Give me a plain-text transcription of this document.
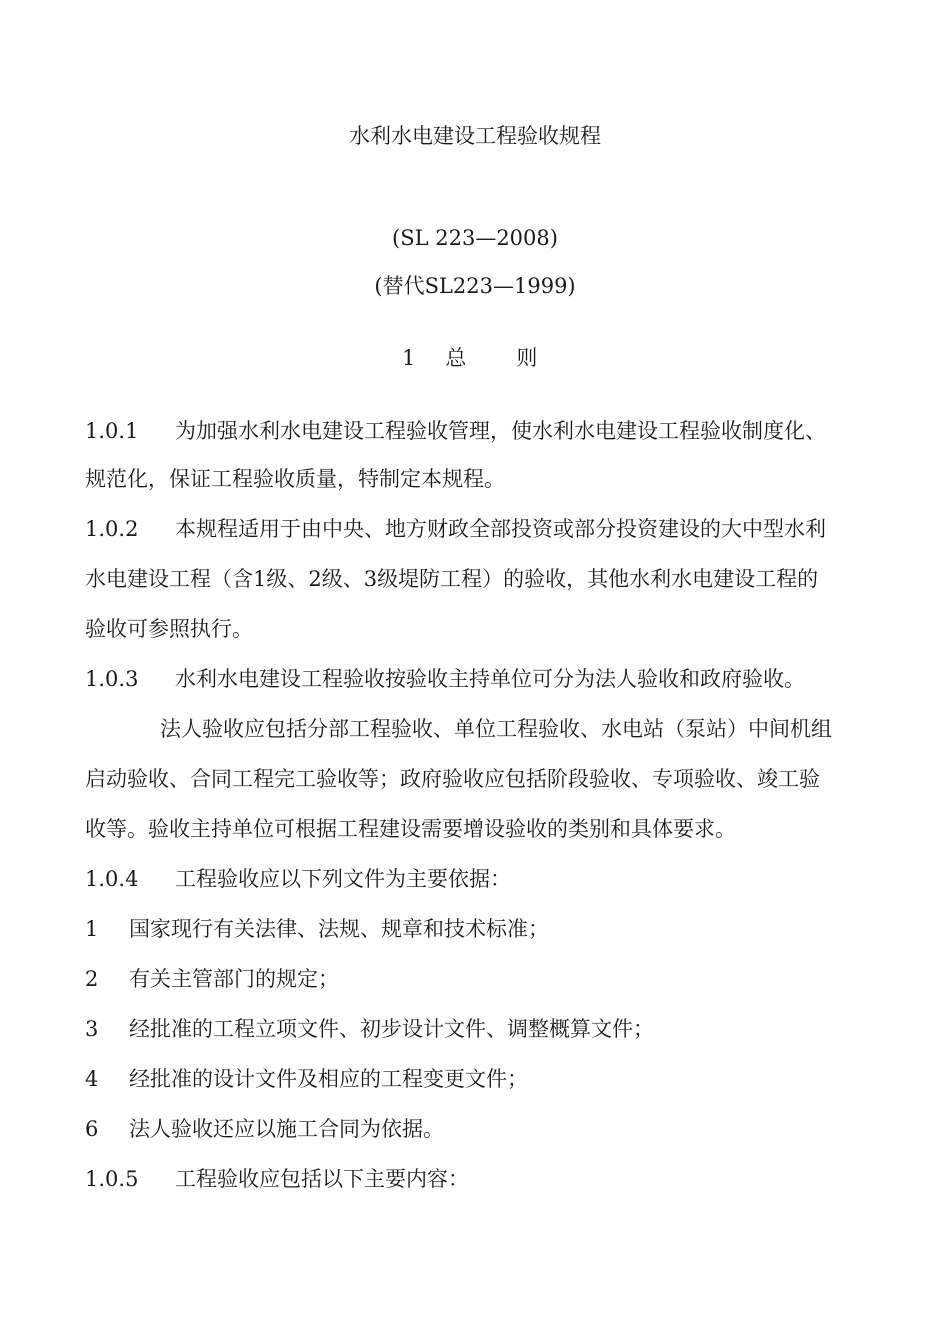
水利水电建设工程验收规程
(SL 223—2008)
(替代SL223—1999)
1 总 则
1.0.1 为加强水利水电建设工程验收管理，使水利水电建设工程验收制度化、
规范化，保证工程验收质量，特制定本规程。
1.0.2 本规程适用于由中央、地方财政全部投资或部分投资建设的大中型水利
水电建设工程（含1级、2级、3级堤防工程）的验收，其他水利水电建设工程的
验收可参照执行。
1.0.3 水利水电建设工程验收按验收主持单位可分为法人验收和政府验收。
法人验收应包括分部工程验收、单位工程验收、水电站（泵站）中间机组
启动验收、合同工程完工验收等；政府验收应包括阶段验收、专项验收、竣工验
收等。验收主持单位可根据工程建设需要增设验收的类别和具体要求。
1.0.4 工程验收应以下列文件为主要依据：
1 国家现行有关法律、法规、规章和技术标准；
2 有关主管部门的规定；
3 经批准的工程立项文件、初步设计文件、调整概算文件；
4 经批准的设计文件及相应的工程变更文件；
6 法人验收还应以施工合同为依据。
1.0.5 工程验收应包括以下主要内容：
